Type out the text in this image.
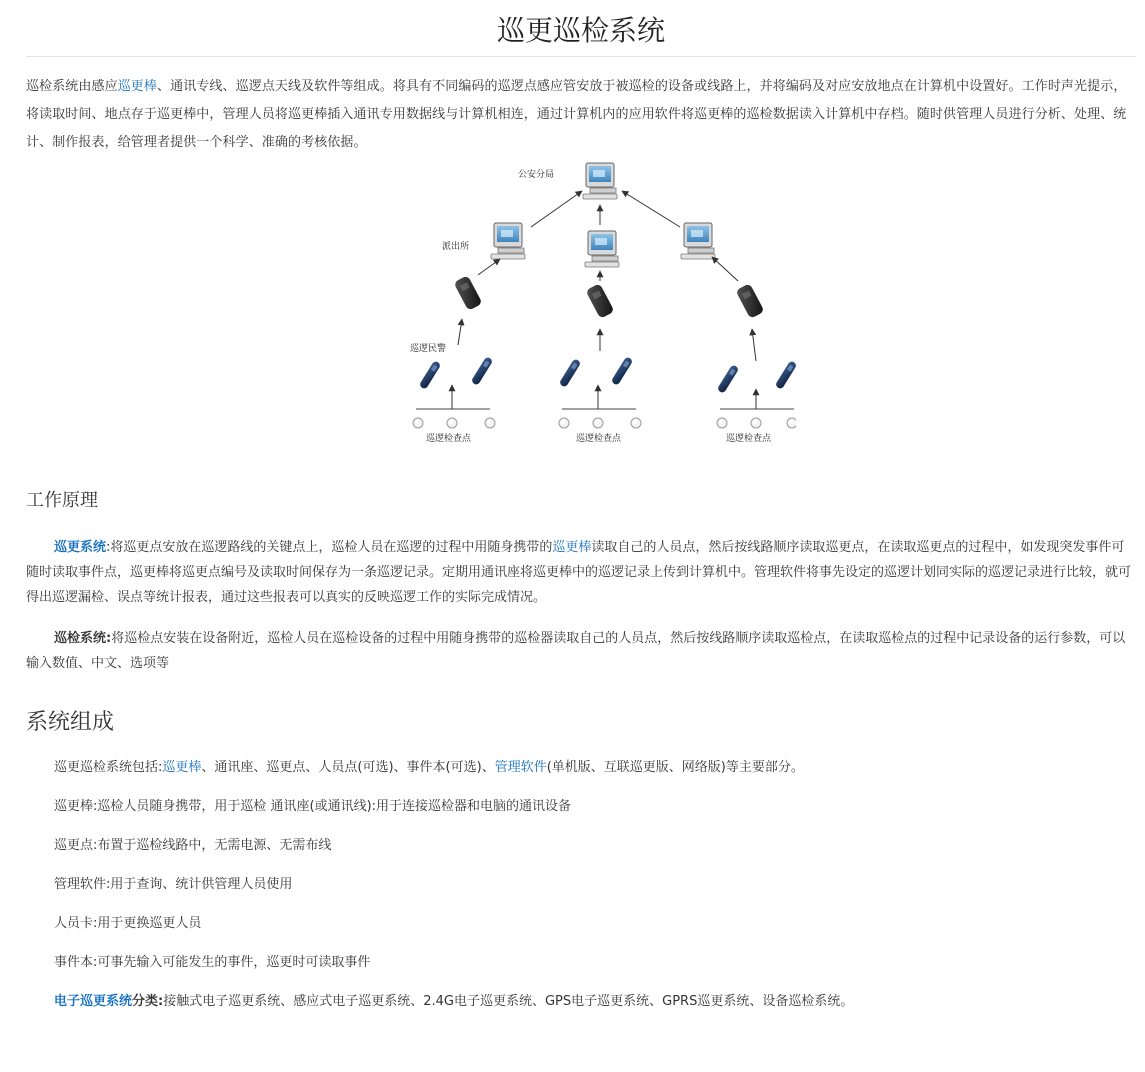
巡更巡检系统

巡检系统由感应巡更棒、通讯专线、巡逻点天线及软件等组成。将具有不同编码的巡逻点感应管安放于被巡检的设备或线路上，并将编码及对应安放地点在计算机中设置好。工作时声光提示，将读取时间、地点存于巡更棒中，管理人员将巡更棒插入通讯专用数据线与计算机相连，通过计算机内的应用软件将巡更棒的巡检数据读入计算机中存档。随时供管理人员进行分析、处理、统计、制作报表，给管理者提供一个科学、准确的考核依据。

公安分局
派出所
巡逻民警
巡逻检查点	巡逻检查点	巡逻检查点
工作原理

巡更系统:将巡更点安放在巡逻路线的关键点上，巡检人员在巡逻的过程中用随身携带的巡更棒读取自己的人员点，然后按线路顺序读取巡更点，在读取巡更点的过程中，如发现突发事件可随时读取事件点，巡更棒将巡更点编号及读取时间保存为一条巡逻记录。定期用通讯座将巡更棒中的巡逻记录上传到计算机中。管理软件将事先设定的巡逻计划同实际的巡逻记录进行比较，就可得出巡逻漏检、误点等统计报表，通过这些报表可以真实的反映巡逻工作的实际完成情况。

巡检系统:将巡检点安装在设备附近，巡检人员在巡检设备的过程中用随身携带的巡检器读取自己的人员点，然后按线路顺序读取巡检点，在读取巡检点的过程中记录设备的运行参数，可以输入数值、中文、选项等

系统组成

巡更巡检系统包括:巡更棒、通讯座、巡更点、人员点(可选)、事件本(可选)、管理软件(单机版、互联巡更版、网络版)等主要部分。

巡更棒:巡检人员随身携带，用于巡检 通讯座(或通讯线):用于连接巡检器和电脑的通讯设备

巡更点:布置于巡检线路中，无需电源、无需布线

管理软件:用于查询、统计供管理人员使用

人员卡:用于更换巡更人员

事件本:可事先输入可能发生的事件，巡更时可读取事件

电子巡更系统分类:接触式电子巡更系统、感应式电子巡更系统、2.4G电子巡更系统、GPS电子巡更系统、GPRS巡更系统、设备巡检系统。
